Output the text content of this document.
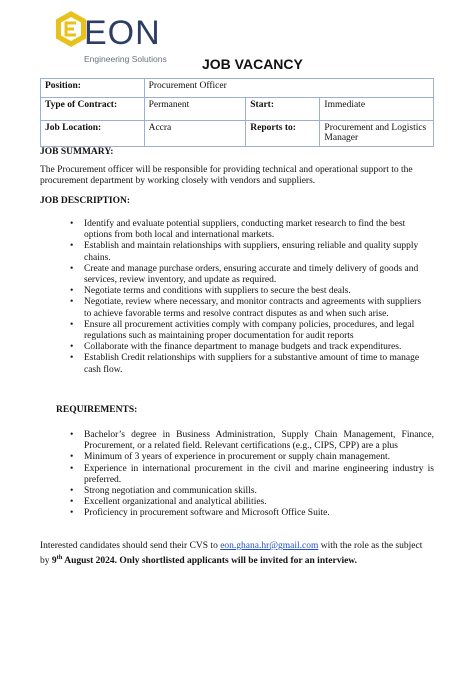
EON
Engineering Solutions	JOB VACANCY
Position:	Procurement Officer		
Type of Contract:	Permanent	Start:	Immediate
Job Location:	Accra	Reports to:	Procurement and Logistics Manager
JOB SUMMARY:
The Procurement officer will be responsible for providing technical and operational support to the procurement department by working closely with vendors and suppliers.
JOB DESCRIPTION:
• Identify and evaluate potential suppliers, conducting market research to find the best options from both local and international markets.
• Establish and maintain relationships with suppliers, ensuring reliable and quality supply chains.
• Create and manage purchase orders, ensuring accurate and timely delivery of goods and services, review inventory, and update as required.
• Negotiate terms and conditions with suppliers to secure the best deals.
• Negotiate, review where necessary, and monitor contracts and agreements with suppliers to achieve favorable terms and resolve contract disputes as and when such arise.
• Ensure all procurement activities comply with company policies, procedures, and legal regulations such as maintaining proper documentation for audit reports
• Collaborate with the finance department to manage budgets and track expenditures.
• Establish Credit relationships with suppliers for a substantive amount of time to manage cash flow.
REQUIREMENTS:
• Bachelor’s degree in Business Administration, Supply Chain Management, Finance, Procurement, or a related field. Relevant certifications (e.g., CIPS, CPP) are a plus
• Minimum of 3 years of experience in procurement or supply chain management.
• Experience in international procurement in the civil and marine engineering industry is preferred.
• Strong negotiation and communication skills.
• Excellent organizational and analytical abilities.
• Proficiency in procurement software and Microsoft Office Suite.
Interested candidates should send their CVS to eon.ghana.hr@gmail.com with the role as the subject
by 9th August 2024. Only shortlisted applicants will be invited for an interview.
